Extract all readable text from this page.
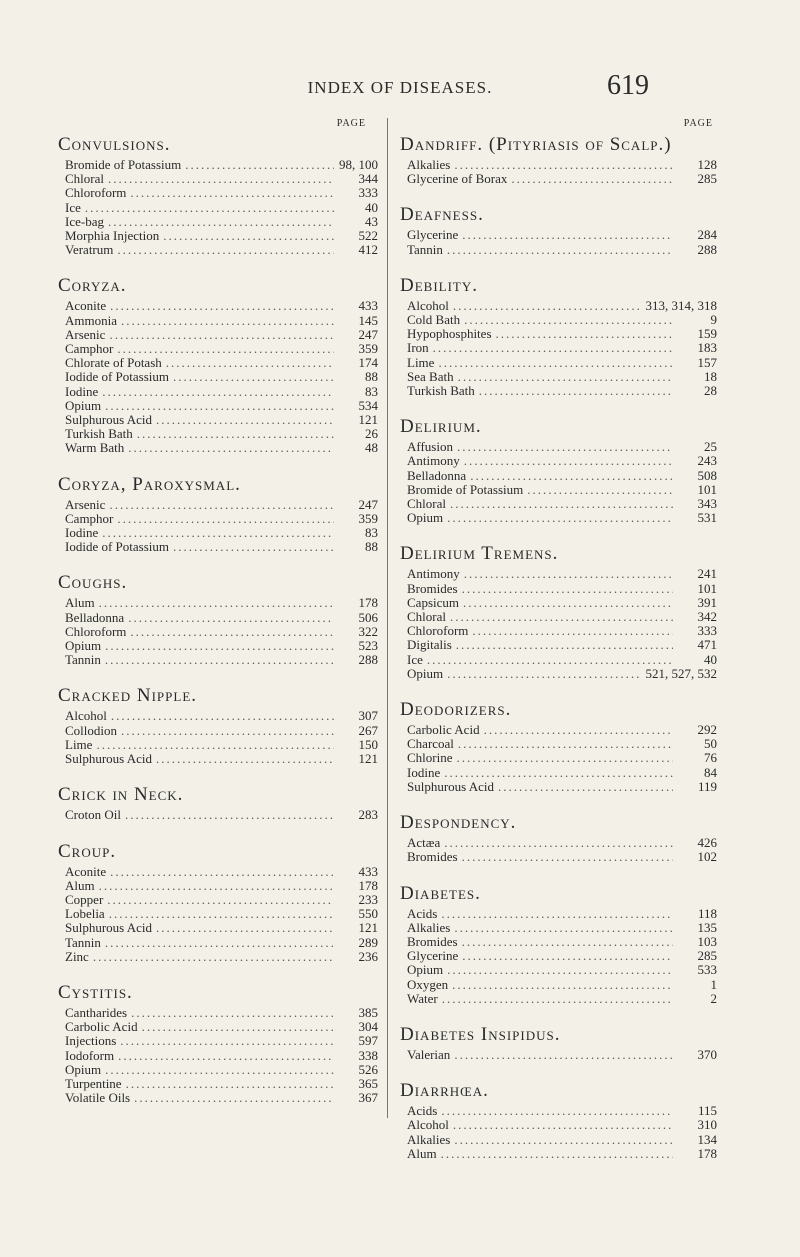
INDEX OF DISEASES.	619
PAGE
Convulsions.
Bromide of Potassium .....	98, 100
Chloral .....	344
Chloroform .....	333
Ice .....	40
Ice-bag .....	43
Morphia Injection .....	522
Veratrum .....	412
Coryza.
Aconite .....	433
Ammonia .....	145
Arsenic .....	247
Camphor .....	359
Chlorate of Potash .....	174
Iodide of Potassium .....	88
Iodine .....	83
Opium .....	534
Sulphurous Acid .....	121
Turkish Bath .....	26
Warm Bath .....	48
Coryza, Paroxysmal.
Arsenic .....	247
Camphor .....	359
Iodine .....	83
Iodide of Potassium .....	88
Coughs.
Alum .....	178
Belladonna .....	506
Chloroform .....	322
Opium .....	523
Tannin .....	288
Cracked Nipple.
Alcohol .....	307
Collodion .....	267
Lime .....	150
Sulphurous Acid .....	121
Crick in Neck.
Croton Oil .....	283
Croup.
Aconite .....	433
Alum .....	178
Copper .....	233
Lobelia .....	550
Sulphurous Acid .....	121
Tannin .....	289
Zinc .....	236
Cystitis.
Cantharides .....	385
Carbolic Acid .....	304
Injections .....	597
Iodoform .....	338
Opium .....	526
Turpentine .....	365
Volatile Oils .....	367
PAGE
Dandriff. (Pityriasis of Scalp.)
Alkalies .....	128
Glycerine of Borax .....	285
Deafness.
Glycerine .....	284
Tannin .....	288
Debility.
Alcohol .....	313, 314, 318
Cold Bath .....	9
Hypophosphites .....	159
Iron .....	183
Lime .....	157
Sea Bath .....	18
Turkish Bath .....	28
Delirium.
Affusion .....	25
Antimony .....	243
Belladonna .....	508
Bromide of Potassium .....	101
Chloral .....	343
Opium .....	531
Delirium Tremens.
Antimony .....	241
Bromides .....	101
Capsicum .....	391
Chloral .....	342
Chloroform .....	333
Digitalis .....	471
Ice .....	40
Opium .....	521, 527, 532
Deodorizers.
Carbolic Acid .....	292
Charcoal .....	50
Chlorine .....	76
Iodine .....	84
Sulphurous Acid .....	119
Despondency.
Actæa .....	426
Bromides .....	102
Diabetes.
Acids .....	118
Alkalies .....	135
Bromides .....	103
Glycerine .....	285
Opium .....	533
Oxygen .....	1
Water .....	2
Diabetes Insipidus.
Valerian .....	370
Diarrhœa.
Acids .....	115
Alcohol .....	310
Alkalies .....	134
Alum .....	178
